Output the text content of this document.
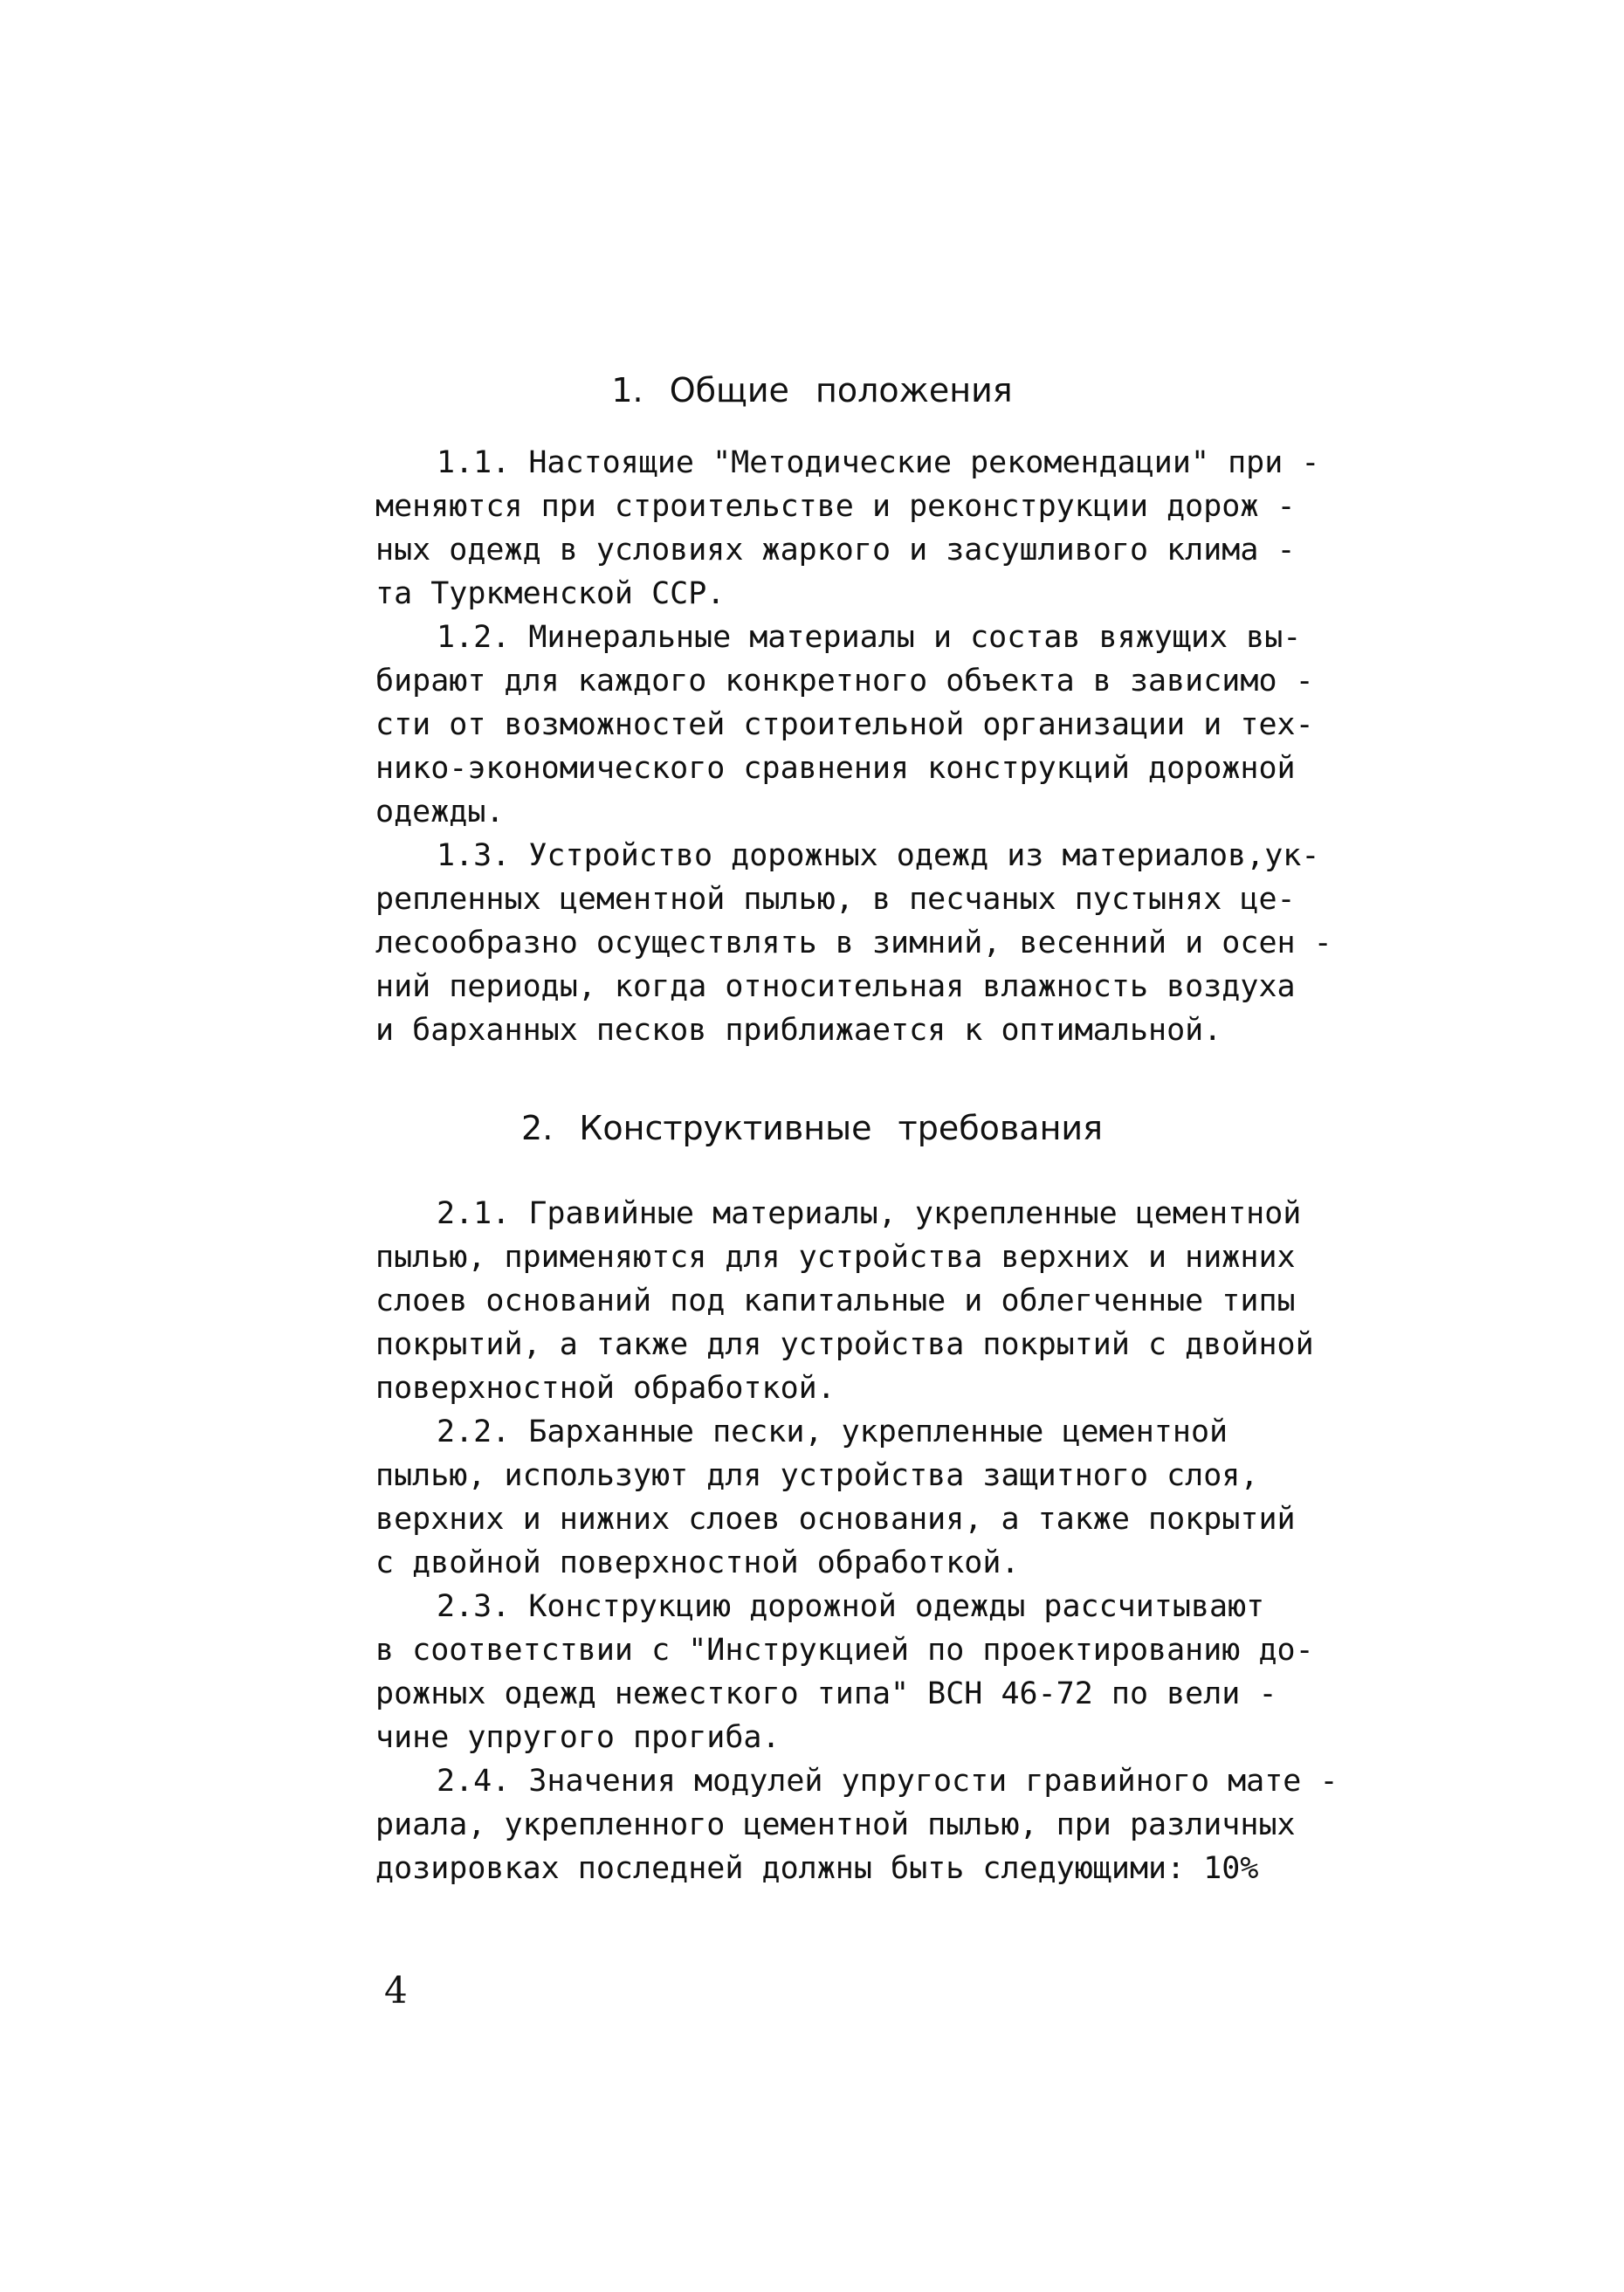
1. Общие положения
1.1. Настоящие "Методические рекомендации" при -
меняются при строительстве и реконструкции дорож -
ных одежд в условиях жаркого и засушливого клима -
та Туркменской ССР.
1.2. Минеральные материалы и состав вяжущих вы-
бирают для каждого конкретного объекта в зависимо -
сти от возможностей строительной организации и тех-
нико-экономического сравнения конструкций дорожной
одежды.
1.3. Устройство дорожных одежд из материалов,ук-
репленных цементной пылью, в песчаных пустынях це-
лесообразно осуществлять в зимний, весенний и осен -
ний периоды, когда относительная влажность воздуха
и барханных песков приближается к оптимальной.
2. Конструктивные требования
2.1. Гравийные материалы, укрепленные цементной
пылью, применяются для устройства верхних и нижних
слоев оснований под капитальные и облегченные типы
покрытий, а также для устройства покрытий с двойной
поверхностной обработкой.
2.2. Барханные пески, укрепленные цементной
пылью, используют для устройства защитного слоя,
верхних и нижних слоев основания, а также покрытий
с двойной поверхностной обработкой.
2.3. Конструкцию дорожной одежды рассчитывают
в соответствии с "Инструкцией по проектированию до-
рожных одежд нежесткого типа" ВСН 46-72 по вели -
чине упругого прогиба.
2.4. Значения модулей упругости гравийного мате -
риала, укрепленного цементной пылью, при различных
дозировках последней должны быть следующими: 10%
4
